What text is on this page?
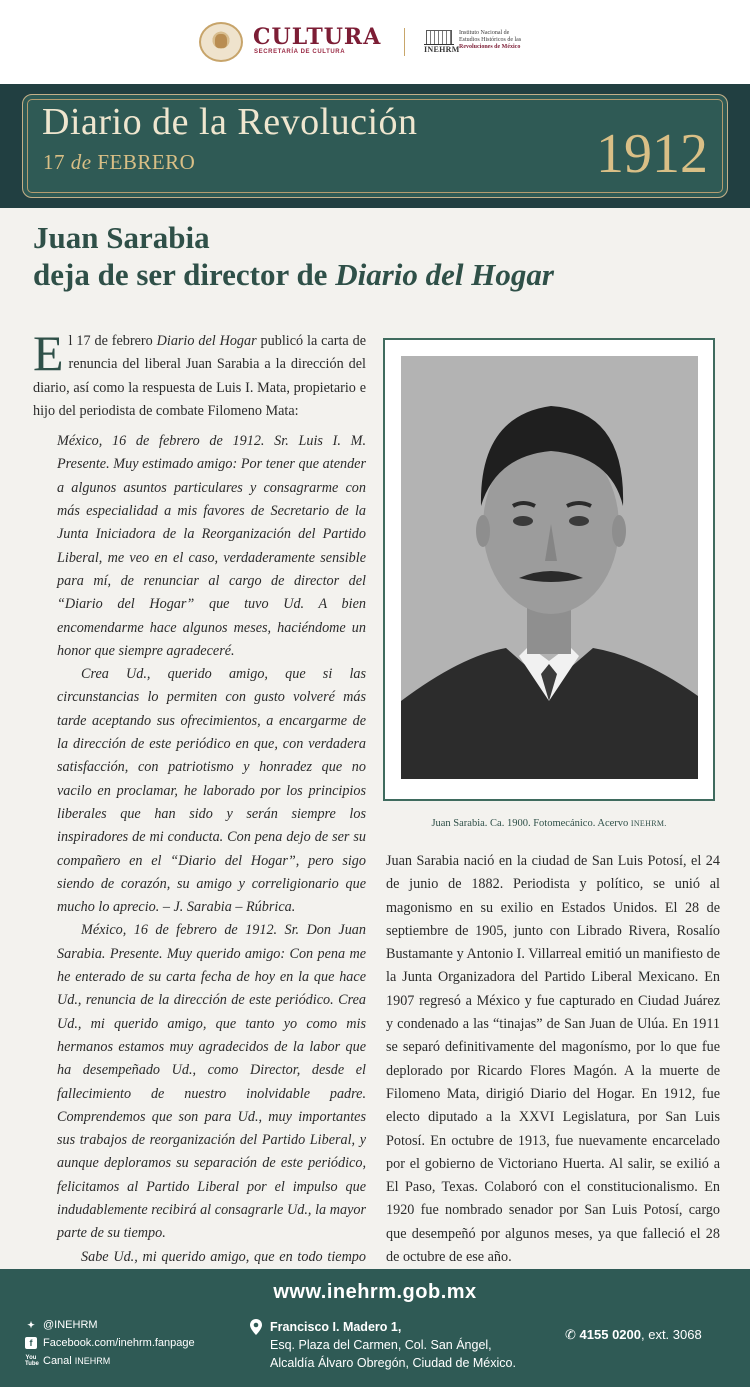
CULTURA
SECRETARÍA DE CULTURA	INEHRM
Instituto Nacional de
Estudios Históricos de las
Revoluciones de México
Diario de la Revolución
17 de FEBRERO	1912
Juan Sarabia
deja de ser director de Diario del Hogar

El 17 de febrero Diario del Hogar publicó la carta de renuncia del liberal Juan Sarabia a la dirección del diario, así como la respuesta de Luis I. Mata, propietario e hijo del periodista de combate Filomeno Mata:

México, 16 de febrero de 1912. Sr. Luis I. M. Presente. Muy estimado amigo: Por tener que atender a algunos asuntos particulares y consagrarme con más especialidad a mis favores de Secretario de la Junta Iniciadora de la Reorganización del Partido Liberal, me veo en el caso, verdaderamente sensible para mí, de renunciar al cargo de director del “Diario del Hogar” que tuvo Ud. A bien encomendarme hace algunos meses, haciéndome un honor que siempre agradeceré.

Crea Ud., querido amigo, que si las circunstancias lo permiten con gusto volveré más tarde aceptando sus ofrecimientos, a encargarme de la dirección de este periódico en que, con verdadera satisfacción, con patriotismo y honradez que no vacilo en proclamar, he laborado por los principios liberales que han sido y serán siempre los inspiradores de mi conducta. Con pena dejo de ser su compañero en el “Diario del Hogar”, pero sigo siendo de corazón, su amigo y correligionario que mucho lo aprecio. – J. Sarabia – Rúbrica.

México, 16 de febrero de 1912. Sr. Don Juan Sarabia. Presente. Muy querido amigo: Con pena me he enterado de su carta fecha de hoy en la que hace Ud., renuncia de la dirección de este periódico. Crea Ud., mi querido amigo, que tanto yo como mis hermanos estamos muy agradecidos de la labor que ha desempeñado Ud., como Director, desde el fallecimiento de nuestro inolvidable padre. Comprendemos que son para Ud., muy importantes sus trabajos de reorganización del Partido Liberal, y aunque deploramos su separación de este periódico, felicitamos al Partido Liberal por el impulso que indudablemente recibirá al consagrarle Ud., la mayor parte de su tiempo.

Sabe Ud., mi querido amigo, que en todo tiempo

Juan Sarabia. Ca. 1900. Fotomecánico. Acervo INEHRM.
Juan Sarabia nació en la ciudad de San Luis Potosí, el 24 de junio de 1882. Periodista y político, se unió al magonismo en su exilio en Estados Unidos. El 28 de septiembre de 1905, junto con Librado Rivera, Rosalío Bustamante y Antonio I. Villarreal emitió un manifiesto de la Junta Organizadora del Partido Liberal Mexicano. En 1907 regresó a México y fue capturado en Ciudad Juárez y condenado a las “tinajas” de San Juan de Ulúa. En 1911 se separó definitivamente del magonísmo, por lo que fue deplorado por Ricardo Flores Magón. A la muerte de Filomeno Mata, dirigió Diario del Hogar. En 1912, fue electo diputado a la XXVI Legislatura, por San Luis Potosí. En octubre de 1913, fue nuevamente encarcelado por el gobierno de Victoriano Huerta. Al salir, se exilió a El Paso, Texas. Colaboró con el constitucionalismo. En 1920 fue nombrado senador por San Luis Potosí, cargo que desempeñó por algunos meses, ya que falleció el 28 de octubre de ese año.
www.inehrm.gob.mx
✦ @INEHRM
f Facebook.com/inehrm.fanpage
You Tube Canal INEHRM
Francisco I. Madero 1,
Esq. Plaza del Carmen, Col. San Ángel,
Alcaldía Álvaro Obregón, Ciudad de México.
✆ 4155 0200, ext. 3068
